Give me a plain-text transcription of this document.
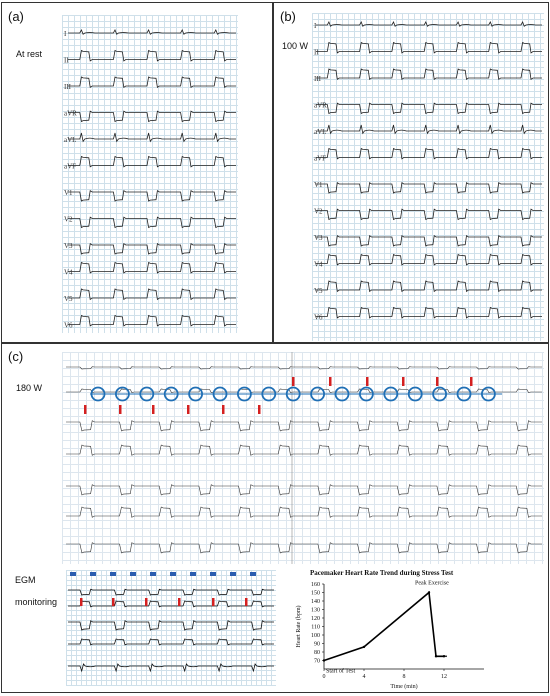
(a)
At rest
I
II
III
aVR
aVL
aVF
V1
V2
V3
V4
V5
V6
(b)
100 W
I
II
III
aVR
aVL
aVF
V1
V2
V3
V4
V5
V6
(c)
180 W
EGM
monitoring
Pacemaker Heart Rate Trend during Stress Test
70
80
90
100
110
120
130
140
150
160
0	4	8	12
Time (min)
Heart Rate (bpm)
Peak Exercise
Start of Test
